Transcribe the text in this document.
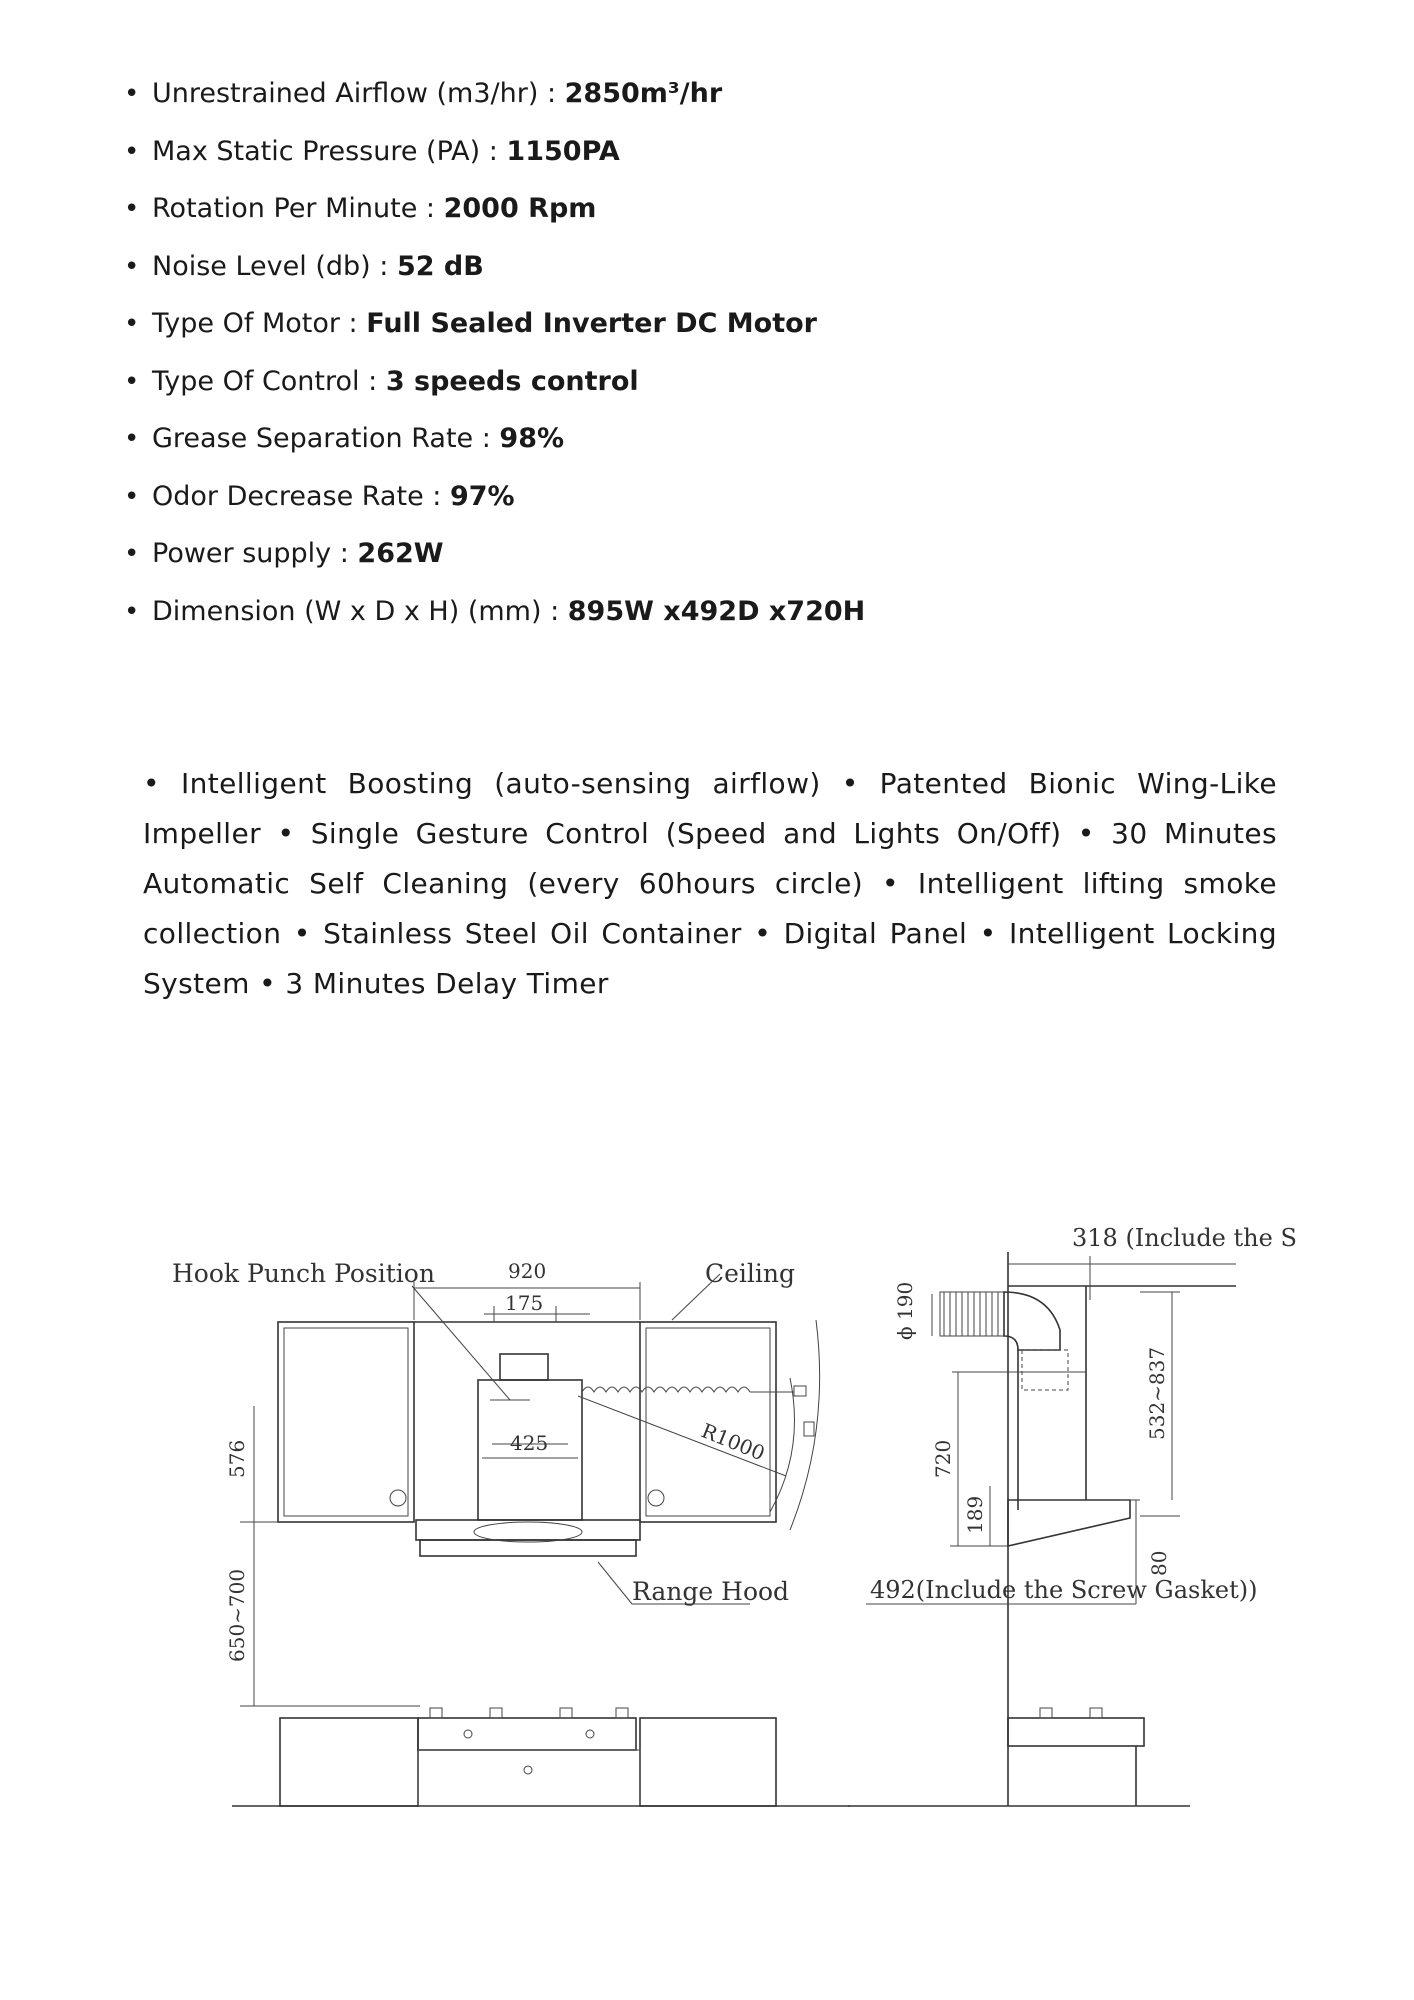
• Unrestrained Airflow (m3/hr) : 2850m³/hr
• Max Static Pressure (PA) : 1150PA
• Rotation Per Minute : 2000 Rpm
• Noise Level (db) : 52 dB
• Type Of Motor : Full Sealed Inverter DC Motor
• Type Of Control : 3 speeds control
• Grease Separation Rate : 98%
• Odor Decrease Rate : 97%
• Power supply : 262W
• Dimension (W x D x H) (mm) : 895W x492D x720H

• Intelligent Boosting (auto-sensing airflow) • Patented Bionic Wing-Like Impeller • Single Gesture Control (Speed and Lights On/Off) • 30 Minutes Automatic Self Cleaning (every 60hours circle) • Intelligent lifting smoke collection • Stainless Steel Oil Container • Digital Panel • Intelligent Locking System • 3 Minutes Delay Timer

Hook Punch Position	Ceiling
Range Hood
920
175
425	R1000
576
650~700
318 (Include the S
ϕ 190
532~837
720
189
80
492(Include the Screw Gasket))
